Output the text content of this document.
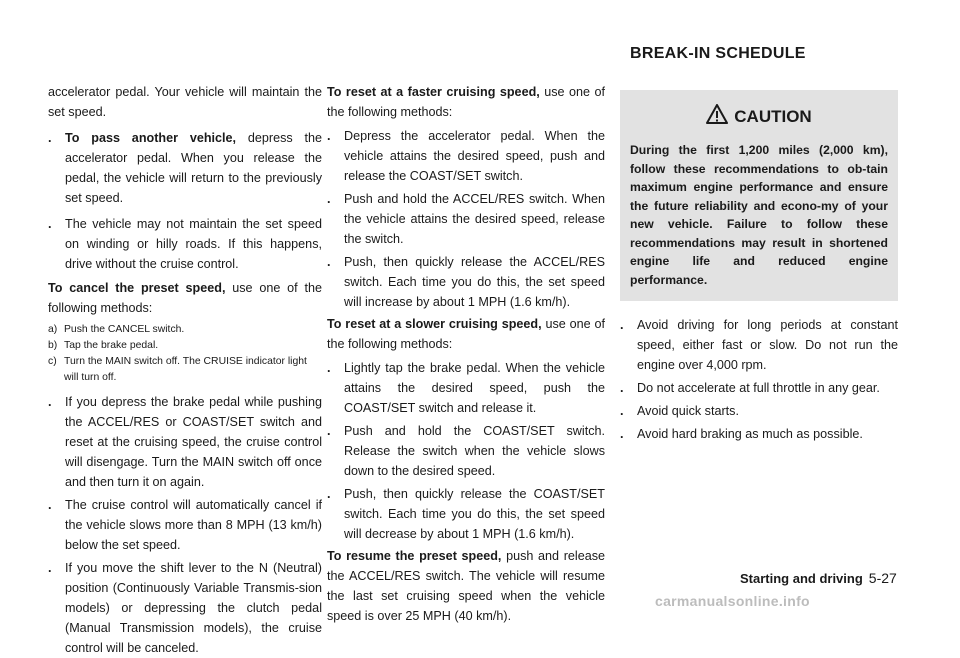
BREAK-IN SCHEDULE

accelerator pedal. Your vehicle will maintain the set speed.

. To pass another vehicle, depress the accelerator pedal. When you release the pedal, the vehicle will return to the previously set speed.
. The vehicle may not maintain the set speed on winding or hilly roads. If this happens, drive without the cruise control.

To cancel the preset speed, use one of the following methods:

a) Push the CANCEL switch.
b) Tap the brake pedal.
c) Turn the MAIN switch off. The CRUISE indicator light will turn off.
. If you depress the brake pedal while pushing the ACCEL/RES or COAST/SET switch and reset at the cruising speed, the cruise control will disengage. Turn the MAIN switch off once and then turn it on again.
. The cruise control will automatically cancel if the vehicle slows more than 8 MPH (13 km/h) below the set speed.
. If you move the shift lever to the N (Neutral) position (Continuously Variable Transmis-sion models) or depressing the clutch pedal (Manual Transmission models), the cruise control will be canceled.

To reset at a faster cruising speed, use one of the following methods:

. Depress the accelerator pedal. When the vehicle attains the desired speed, push and release the COAST/SET switch.
. Push and hold the ACCEL/RES switch. When the vehicle attains the desired speed, release the switch.
. Push, then quickly release the ACCEL/RES switch. Each time you do this, the set speed will increase by about 1 MPH (1.6 km/h).

To reset at a slower cruising speed, use one of the following methods:

. Lightly tap the brake pedal. When the vehicle attains the desired speed, push the COAST/SET switch and release it.
. Push and hold the COAST/SET switch. Release the switch when the vehicle slows down to the desired speed.
. Push, then quickly release the COAST/SET switch. Each time you do this, the set speed will decrease by about 1 MPH (1.6 km/h).

To resume the preset speed, push and release the ACCEL/RES switch. The vehicle will resume the last set cruising speed when the vehicle speed is over 25 MPH (40 km/h).

CAUTION
During the first 1,200 miles (2,000 km), follow these recommendations to ob-tain maximum engine performance and ensure the future reliability and econo-my of your new vehicle. Failure to follow these recommendations may result in shortened engine life and reduced engine performance.
. Avoid driving for long periods at constant speed, either fast or slow. Do not run the engine over 4,000 rpm.
. Do not accelerate at full throttle in any gear.
. Avoid quick starts.
. Avoid hard braking as much as possible.
Starting and driving 5-27
carmanualsonline.info
